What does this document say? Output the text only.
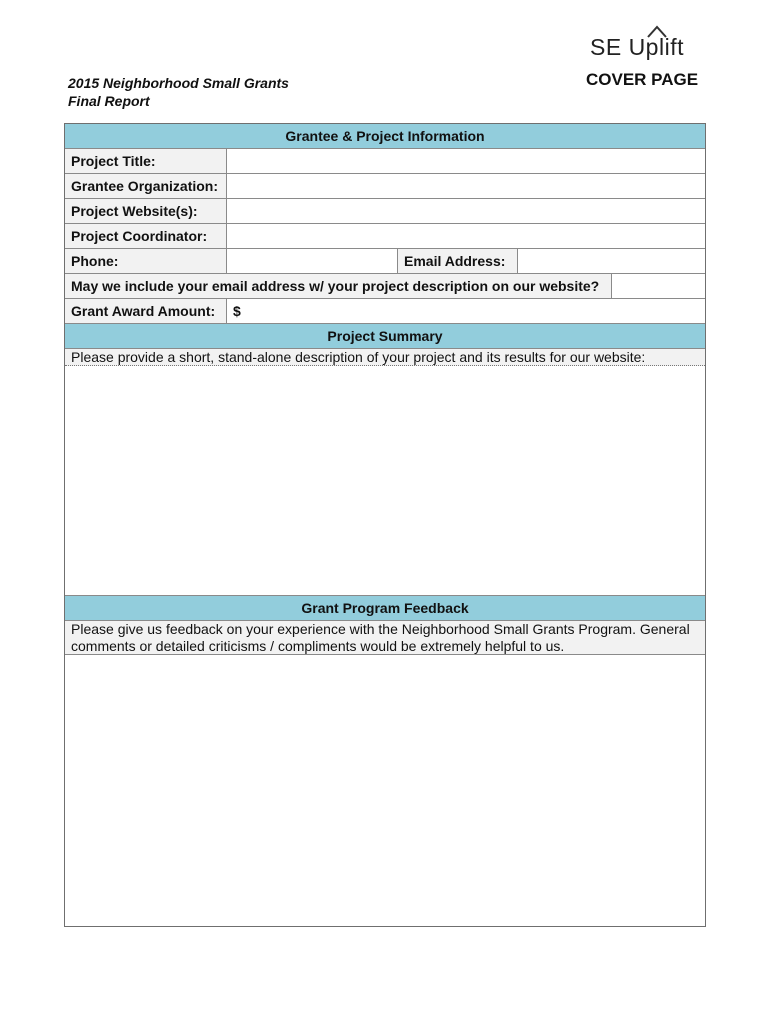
SE Uplift
2015 Neighborhood Small Grants
Final Report
COVER PAGE
Grantee & Project Information
Project Title:
Grantee Organization:
Project Website(s):
Project Coordinator:
Phone:	Email Address:
May we include your email address w/ your project description on our website?
Grant Award Amount:	$
Project Summary
Please provide a short, stand-alone description of your project and its results for our website:
Grant Program Feedback
Please give us feedback on your experience with the Neighborhood Small Grants Program. General comments or detailed criticisms / compliments would be extremely helpful to us.
